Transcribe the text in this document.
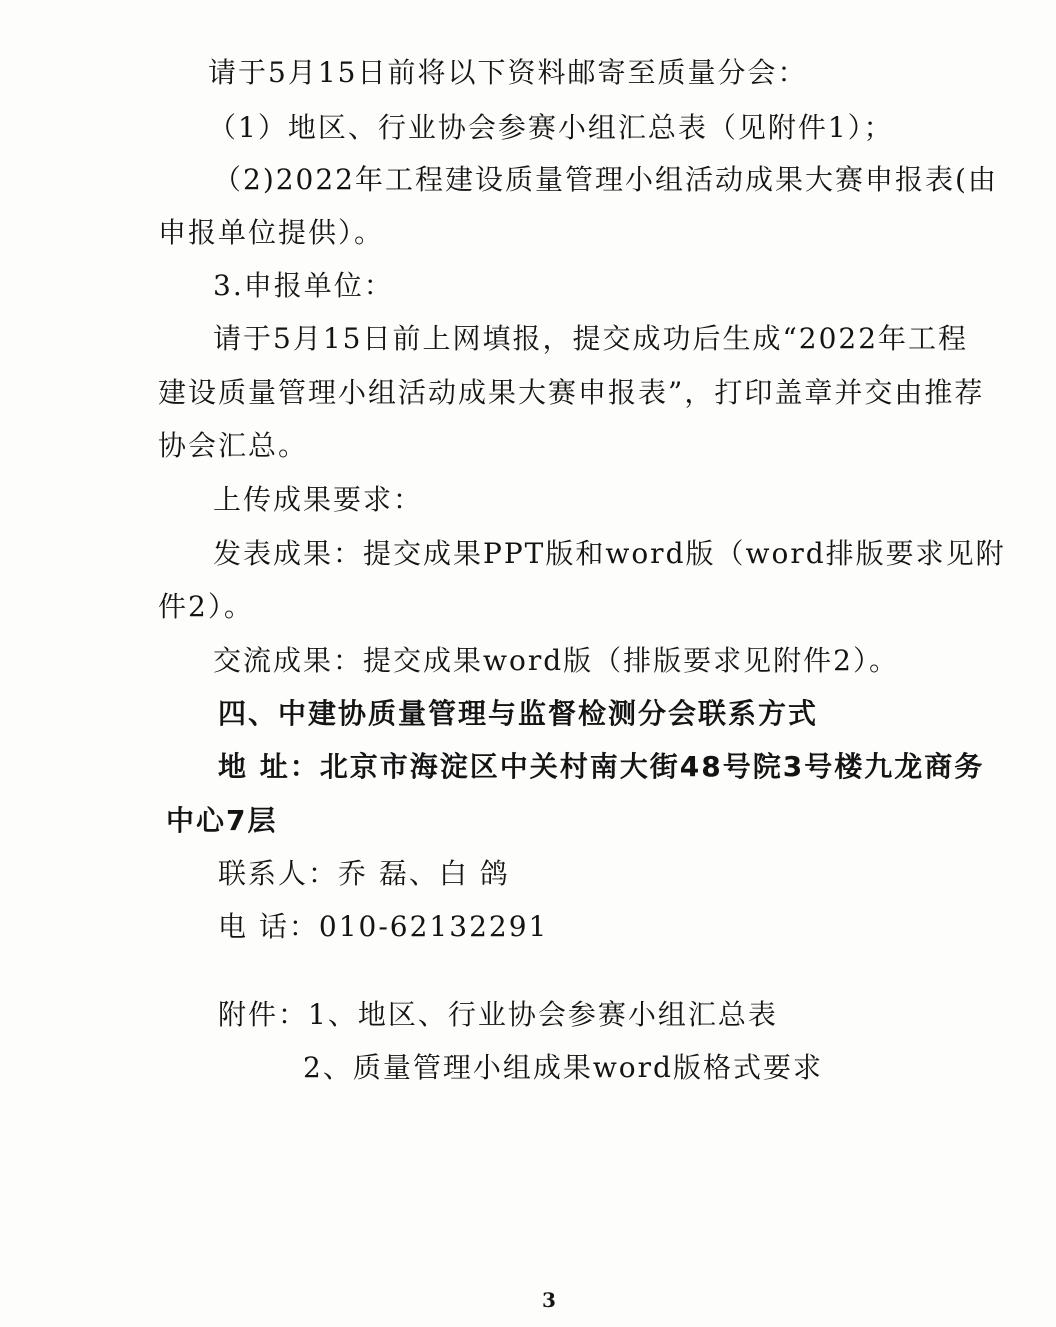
请于5月15日前将以下资料邮寄至质量分会：
（1）地区、行业协会参赛小组汇总表（见附件1）；
（2)2022年工程建设质量管理小组活动成果大赛申报表(由
申报单位提供）。
3.申报单位：
请于5月15日前上网填报，提交成功后生成“2022年工程
建设质量管理小组活动成果大赛申报表”，打印盖章并交由推荐
协会汇总。
上传成果要求：
发表成果：提交成果PPT版和word版（word排版要求见附
件2）。
交流成果：提交成果word版（排版要求见附件2）。
四、中建协质量管理与监督检测分会联系方式
地 址：北京市海淀区中关村南大街48号院3号楼九龙商务
中心7层
联系人：乔 磊、白 鸽
电 话：010-62132291
附件：1、地区、行业协会参赛小组汇总表
2、质量管理小组成果word版格式要求
3
